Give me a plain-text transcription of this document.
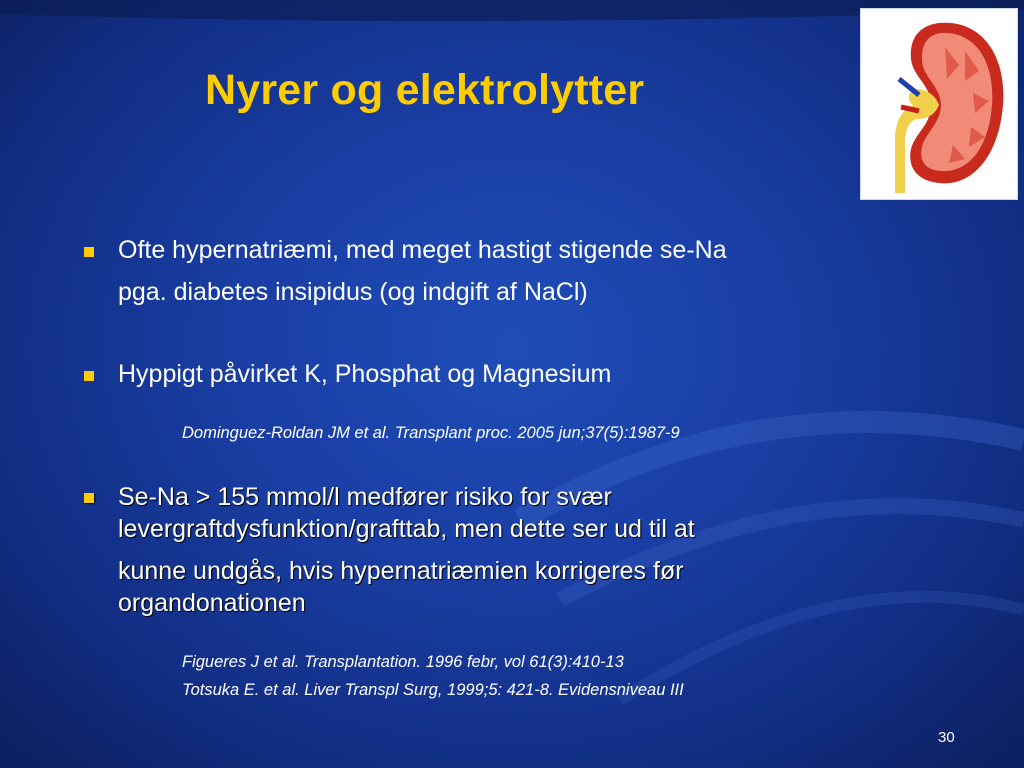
Nyrer og elektrolytter
Ofte hypernatriæmi, med meget hastigt stigende se-Na
pga. diabetes insipidus (og indgift af NaCl)
Hyppigt påvirket K, Phosphat og Magnesium
Dominguez-Roldan JM et al. Transplant proc. 2005 jun;37(5):1987-9
Se-Na > 155 mmol/l medfører risiko for svær
levergraftdysfunktion/grafttab, men dette ser ud til at
kunne undgås, hvis hypernatriæmien korrigeres før
organdonationen
Figueres J et al. Transplantation. 1996 febr, vol 61(3):410-13
Totsuka E. et al. Liver Transpl Surg, 1999;5: 421-8. Evidensniveau III
30
